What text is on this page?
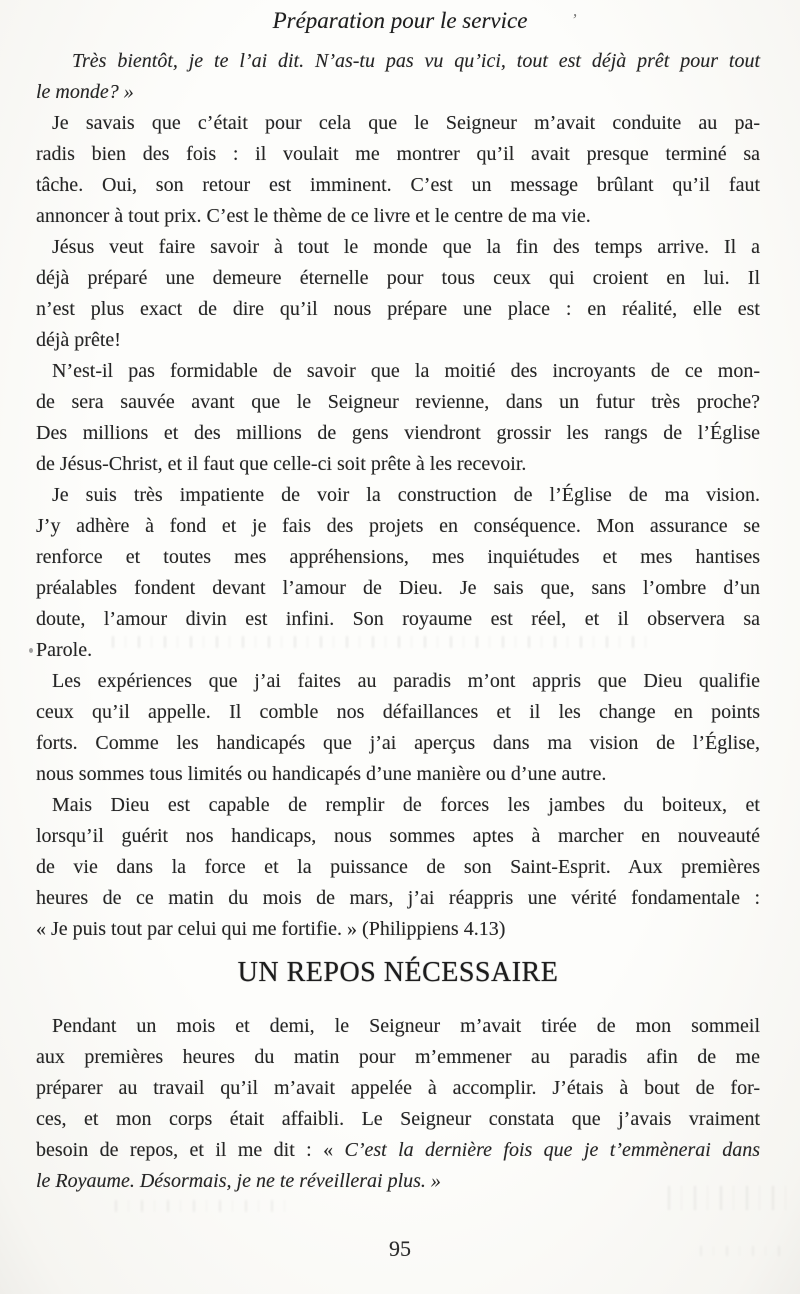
Préparation pour le service	’

Très bientôt, je te l’ai dit. N’as-tu pas vu qu’ici, tout est déjà prêt pour tout
le monde? »

Je savais que c’était pour cela que le Seigneur m’avait conduite au pa-
radis bien des fois : il voulait me montrer qu’il avait presque terminé sa
tâche. Oui, son retour est imminent. C’est un message brûlant qu’il faut
annoncer à tout prix. C’est le thème de ce livre et le centre de ma vie.

Jésus veut faire savoir à tout le monde que la fin des temps arrive. Il a
déjà préparé une demeure éternelle pour tous ceux qui croient en lui. Il
n’est plus exact de dire qu’il nous prépare une place : en réalité, elle est
déjà prête!

N’est-il pas formidable de savoir que la moitié des incroyants de ce mon-
de sera sauvée avant que le Seigneur revienne, dans un futur très proche?
Des millions et des millions de gens viendront grossir les rangs de l’Église
de Jésus-Christ, et il faut que celle-ci soit prête à les recevoir.

Je suis très impatiente de voir la construction de l’Église de ma vision.
J’y adhère à fond et je fais des projets en conséquence. Mon assurance se
renforce et toutes mes appréhensions, mes inquiétudes et mes hantises
préalables fondent devant l’amour de Dieu. Je sais que, sans l’ombre d’un
doute, l’amour divin est infini. Son royaume est réel, et il observera sa
Parole.

Les expériences que j’ai faites au paradis m’ont appris que Dieu qualifie
ceux qu’il appelle. Il comble nos défaillances et il les change en points
forts. Comme les handicapés que j’ai aperçus dans ma vision de l’Église,
nous sommes tous limités ou handicapés d’une manière ou d’une autre.

Mais Dieu est capable de remplir de forces les jambes du boiteux, et
lorsqu’il guérit nos handicaps, nous sommes aptes à marcher en nouveauté
de vie dans la force et la puissance de son Saint-Esprit. Aux premières
heures de ce matin du mois de mars, j’ai réappris une vérité fondamentale :
« Je puis tout par celui qui me fortifie. » (Philippiens 4.13)

UN REPOS NÉCESSAIRE

Pendant un mois et demi, le Seigneur m’avait tirée de mon sommeil
aux premières heures du matin pour m’emmener au paradis afin de me
préparer au travail qu’il m’avait appelée à accomplir. J’étais à bout de for-
ces, et mon corps était affaibli. Le Seigneur constata que j’avais vraiment
besoin de repos, et il me dit : « C’est la dernière fois que je t’emmènerai dans
le Royaume. Désormais, je ne te réveillerai plus. »

95
